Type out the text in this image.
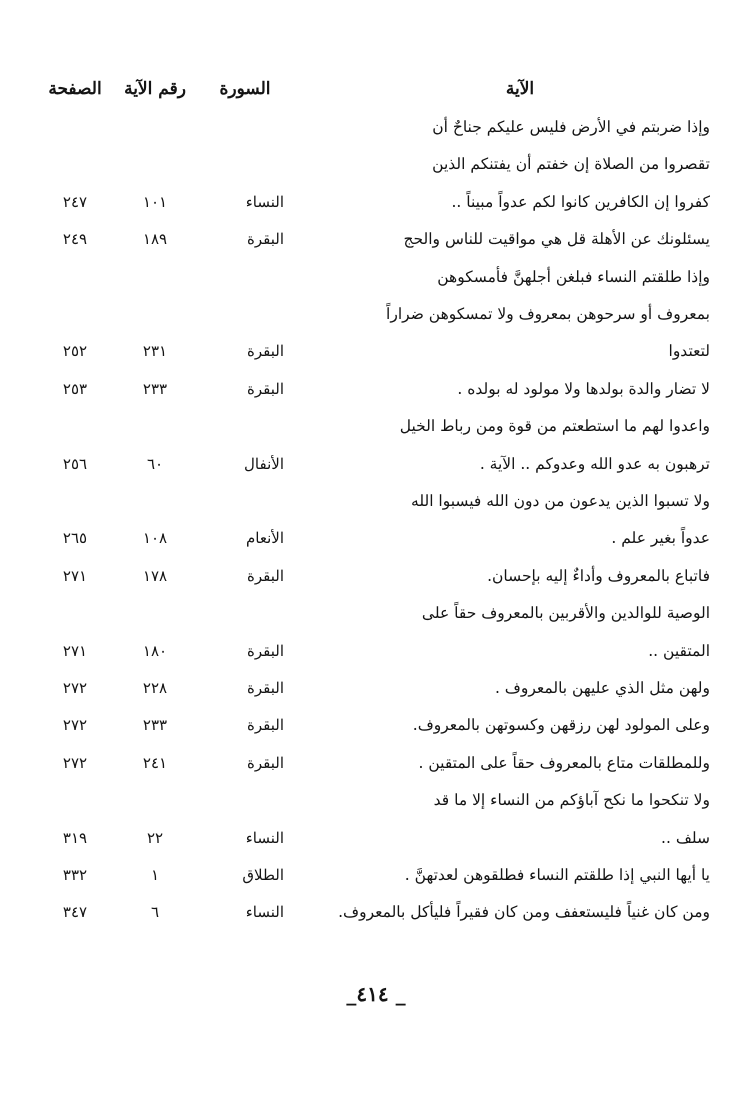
الآية
السورة
رقم الآية
الصفحة
وإذا ضربتم في الأرض فليس عليكم جناحٌ أن
تقصروا من الصلاة إن خفتم أن يفتنكم الذين
كفروا إن الكافرين كانوا لكم عدواً مبيناً ..
النساء
١٠١
٢٤٧
يسئلونك عن الأهلة قل هي مواقيت للناس والحج
البقرة
١٨٩
٢٤٩
وإذا طلقتم النساء فبلغن أجلهنَّ فأمسكوهن
بمعروف أو سرحوهن بمعروف ولا تمسكوهن ضراراً
لتعتدوا
البقرة
٢٣١
٢٥٢
لا تضار والدة بولدها ولا مولود له بولده .
البقرة
٢٣٣
٢٥٣
واعدوا لهم ما استطعتم من قوة ومن رباط الخيل
ترهبون به عدو الله وعدوكم .. الآية .
الأنفال
٦٠
٢٥٦
ولا تسبوا الذين يدعون من دون الله فيسبوا الله
عدواً بغير علم .
الأنعام
١٠٨
٢٦٥
فاتباع بالمعروف وأداءٌ إليه بإحسان.
البقرة
١٧٨
٢٧١
الوصية للوالدين والأقربين بالمعروف حقاً على
المتقين ..
البقرة
١٨٠
٢٧١
ولهن مثل الذي عليهن بالمعروف .
البقرة
٢٢٨
٢٧٢
وعلى المولود لهن رزقهن وكسوتهن بالمعروف.
البقرة
٢٣٣
٢٧٢
وللمطلقات متاع بالمعروف حقاً على المتقين .
البقرة
٢٤١
٢٧٢
ولا تنكحوا ما نكح آباؤكم من النساء إلا ما قد
سلف ..
النساء
٢٢
٣١٩
يا أيها النبي إذا طلقتم النساء فطلقوهن لعدتهنَّ .
الطلاق
١
٣٣٢
ومن كان غنياً فليستعفف ومن كان فقيراً فليأكل بالمعروف.
النساء
٦
٣٤٧
_٤١٤ _
